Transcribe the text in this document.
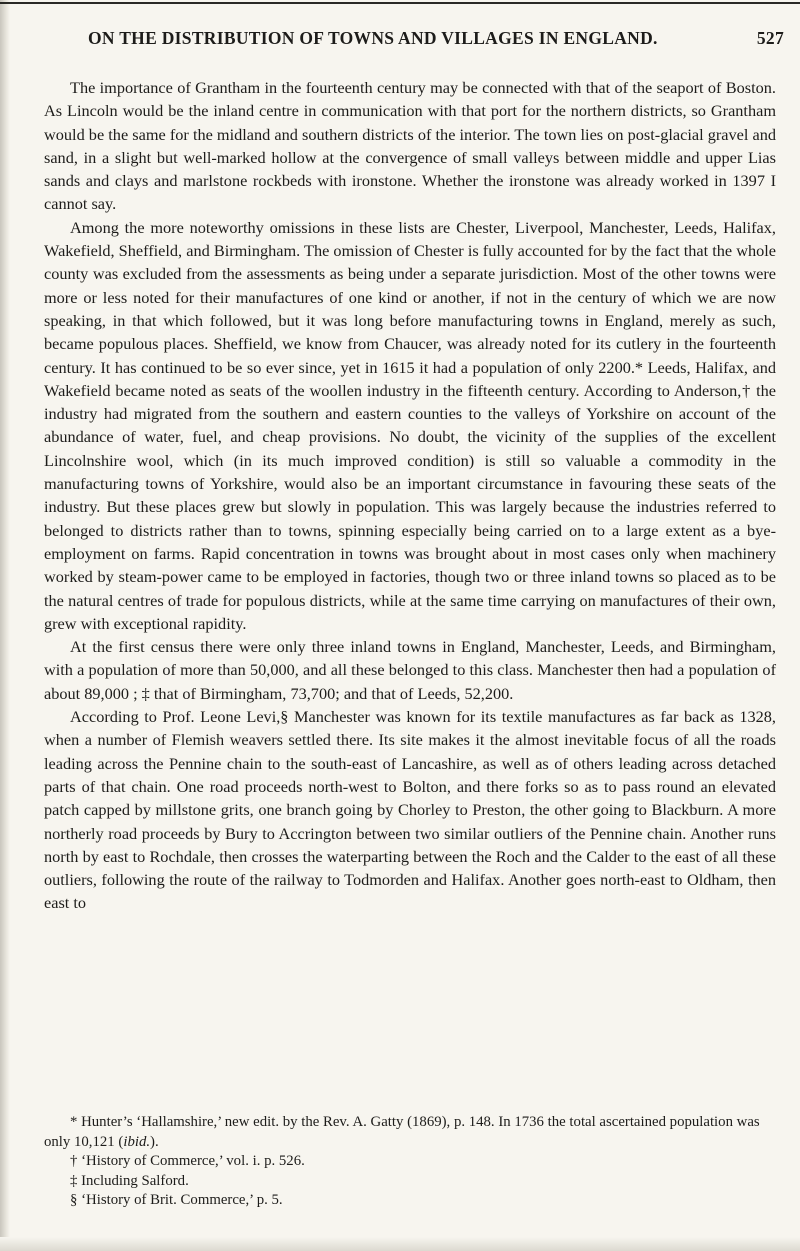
ON THE DISTRIBUTION OF TOWNS AND VILLAGES IN ENGLAND.	527

The importance of Grantham in the fourteenth century may be connected with that of the seaport of Boston. As Lincoln would be the inland centre in communication with that port for the northern districts, so Grantham would be the same for the midland and southern districts of the interior. The town lies on post-glacial gravel and sand, in a slight but well-marked hollow at the convergence of small valleys between middle and upper Lias sands and clays and marlstone rockbeds with ironstone. Whether the ironstone was already worked in 1397 I cannot say.

Among the more noteworthy omissions in these lists are Chester, Liverpool, Manchester, Leeds, Halifax, Wakefield, Sheffield, and Birmingham. The omission of Chester is fully accounted for by the fact that the whole county was excluded from the assessments as being under a separate jurisdiction. Most of the other towns were more or less noted for their manufactures of one kind or another, if not in the century of which we are now speaking, in that which followed, but it was long before manufacturing towns in England, merely as such, became populous places. Sheffield, we know from Chaucer, was already noted for its cutlery in the fourteenth century. It has continued to be so ever since, yet in 1615 it had a population of only 2200.* Leeds, Halifax, and Wakefield became noted as seats of the woollen industry in the fifteenth century. According to Anderson,† the industry had migrated from the southern and eastern counties to the valleys of Yorkshire on account of the abundance of water, fuel, and cheap provisions. No doubt, the vicinity of the supplies of the excellent Lincolnshire wool, which (in its much improved condition) is still so valuable a commodity in the manufacturing towns of Yorkshire, would also be an important circumstance in favouring these seats of the industry. But these places grew but slowly in population. This was largely because the industries referred to belonged to districts rather than to towns, spinning especially being carried on to a large extent as a bye-employment on farms. Rapid concentration in towns was brought about in most cases only when machinery worked by steam-power came to be employed in factories, though two or three inland towns so placed as to be the natural centres of trade for populous districts, while at the same time carrying on manufactures of their own, grew with exceptional rapidity.

At the first census there were only three inland towns in England, Manchester, Leeds, and Birmingham, with a population of more than 50,000, and all these belonged to this class. Manchester then had a population of about 89,000 ; ‡ that of Birmingham, 73,700; and that of Leeds, 52,200.

According to Prof. Leone Levi,§ Manchester was known for its textile manufactures as far back as 1328, when a number of Flemish weavers settled there. Its site makes it the almost inevitable focus of all the roads leading across the Pennine chain to the south-east of Lancashire, as well as of others leading across detached parts of that chain. One road proceeds north-west to Bolton, and there forks so as to pass round an elevated patch capped by millstone grits, one branch going by Chorley to Preston, the other going to Blackburn. A more northerly road proceeds by Bury to Accrington between two similar outliers of the Pennine chain. Another runs north by east to Rochdale, then crosses the waterparting between the Roch and the Calder to the east of all these outliers, following the route of the railway to Todmorden and Halifax. Another goes north-east to Oldham, then east to

* Hunter’s ‘Hallamshire,’ new edit. by the Rev. A. Gatty (1869), p. 148. In 1736 the total ascertained population was only 10,121 (ibid.).

† ‘History of Commerce,’ vol. i. p. 526.

‡ Including Salford.

§ ‘History of Brit. Commerce,’ p. 5.
